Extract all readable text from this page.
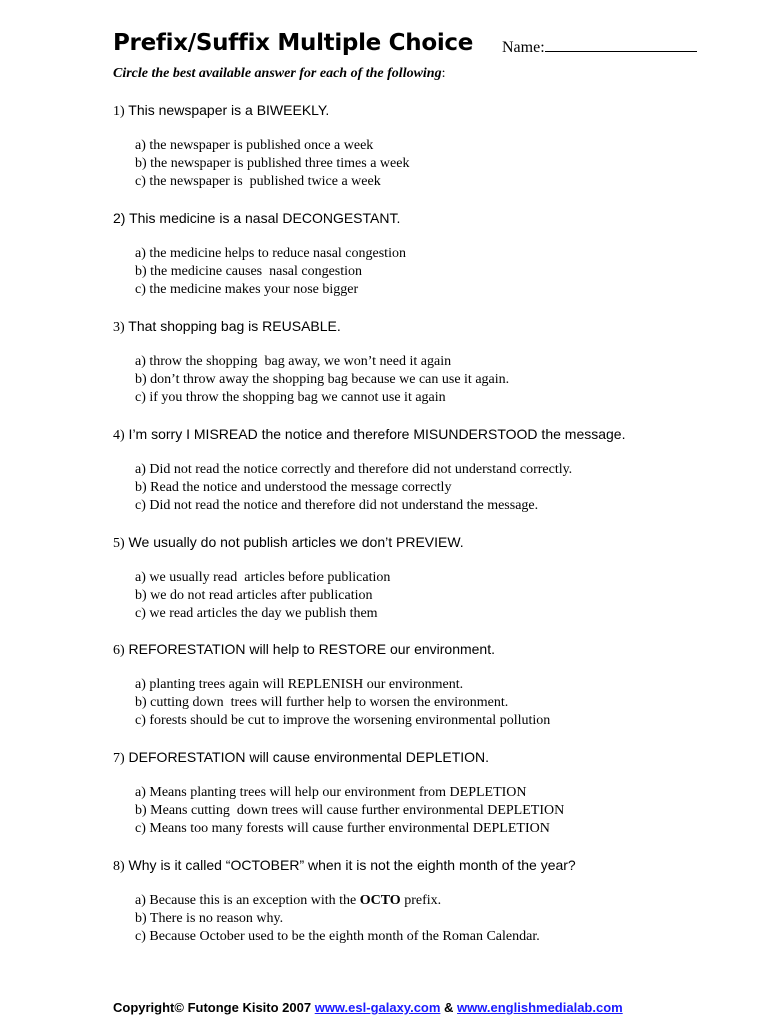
Prefix/Suffix Multiple Choice Name:
Circle the best available answer for each of the following:
1) This newspaper is a BIWEEKLY.
a) the newspaper is published once a week
b) the newspaper is published three times a week
c) the newspaper is  published twice a week
2) This medicine is a nasal DECONGESTANT.
a) the medicine helps to reduce nasal congestion
b) the medicine causes  nasal congestion
c) the medicine makes your nose bigger
3) That shopping bag is REUSABLE.
a) throw the shopping  bag away, we won’t need it again
b) don’t throw away the shopping bag because we can use it again.
c) if you throw the shopping bag we cannot use it again
4) I’m sorry I MISREAD the notice and therefore MISUNDERSTOOD the message.
a) Did not read the notice correctly and therefore did not understand correctly.
b) Read the notice and understood the message correctly
c) Did not read the notice and therefore did not understand the message.
5) We usually do not publish articles we don’t PREVIEW.
a) we usually read  articles before publication
b) we do not read articles after publication
c) we read articles the day we publish them
6) REFORESTATION will help to RESTORE our environment.
a) planting trees again will REPLENISH our environment.
b) cutting down  trees will further help to worsen the environment.
c) forests should be cut to improve the worsening environmental pollution
7) DEFORESTATION will cause environmental DEPLETION.
a) Means planting trees will help our environment from DEPLETION
b) Means cutting  down trees will cause further environmental DEPLETION
c) Means too many forests will cause further environmental DEPLETION
8) Why is it called “OCTOBER” when it is not the eighth month of the year?
a) Because this is an exception with the OCTO prefix.
b) There is no reason why.
c) Because October used to be the eighth month of the Roman Calendar.
Copyright© Futonge Kisito 2007 www.esl-galaxy.com & www.englishmedialab.com
